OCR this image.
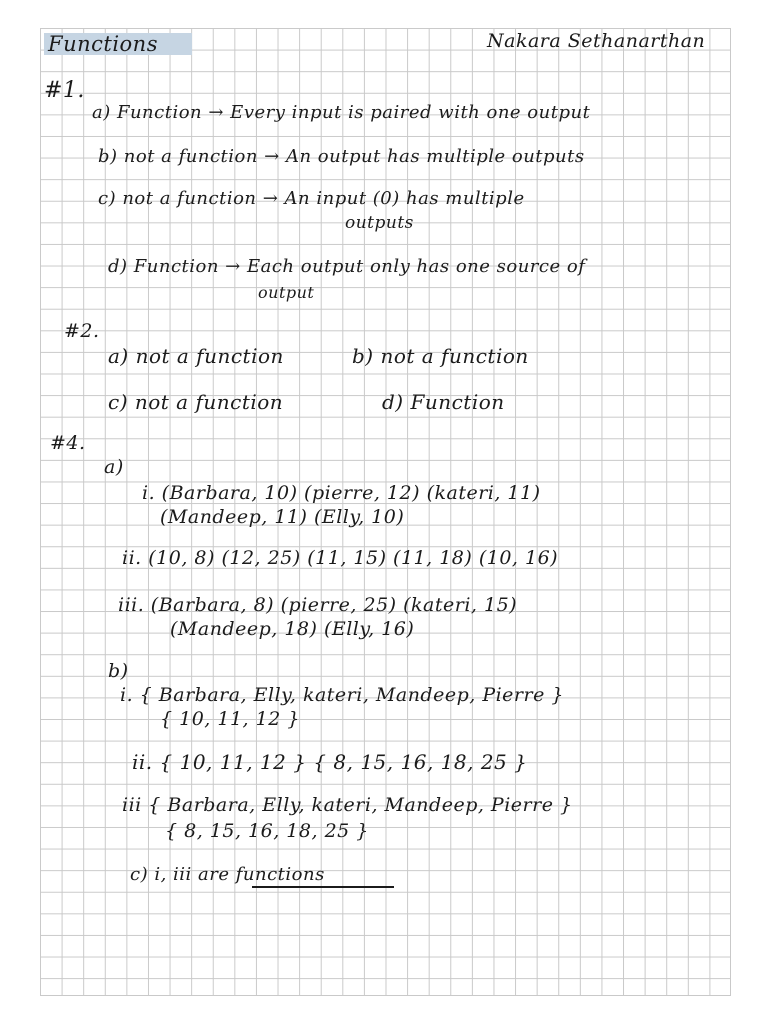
Functions	Nakara Sethanarthan
#1.
a) Function → Every input is paired with one output
b) not a function → An output has multiple outputs
c) not a function → An input (0) has multiple
outputs
d) Function → Each output only has one source of
output
#2.
a) not a function	b) not a function
c) not a function	d) Function
#4.
a)
i. (Barbara, 10) (pierre, 12) (kateri, 11)
(Mandeep, 11) (Elly, 10)
ii. (10, 8) (12, 25) (11, 15) (11, 18) (10, 16)
iii. (Barbara, 8) (pierre, 25) (kateri, 15)
(Mandeep, 18) (Elly, 16)
b)
i. { Barbara, Elly, kateri, Mandeep, Pierre }
{ 10, 11, 12 }
ii. { 10, 11, 12 } { 8, 15, 16, 18, 25 }
iii { Barbara, Elly, kateri, Mandeep, Pierre }
{ 8, 15, 16, 18, 25 }
c) i, iii are functions
